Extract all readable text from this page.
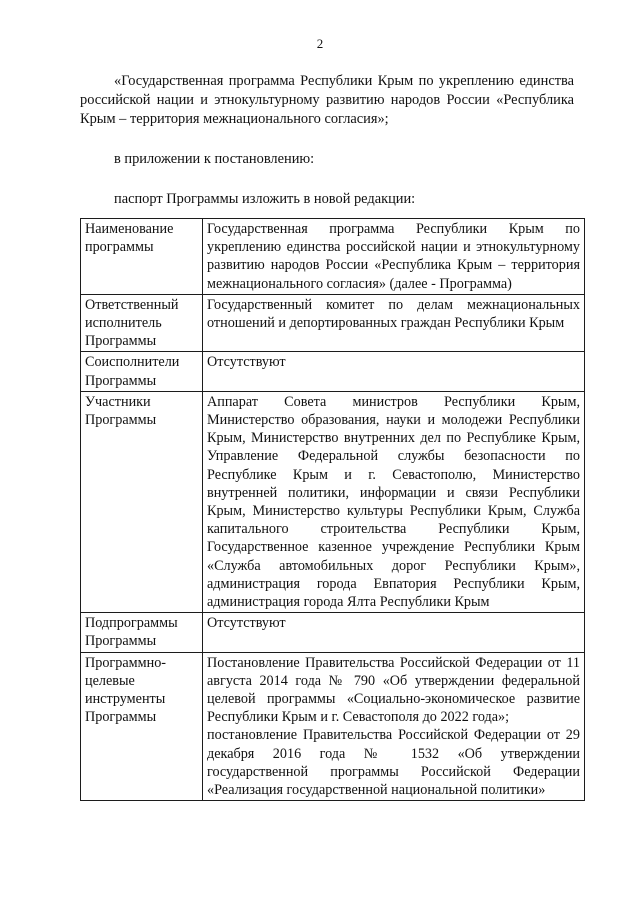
2

«Государственная программа Республики Крым по укреплению единства российской нации и этнокультурному развитию народов России «Республика Крым – территория межнационального согласия»;

в приложении к постановлению:

паспорт Программы изложить в новой редакции:

Наименование программы	Государственная программа Республики Крым по укреплению единства российской нации и этнокультурному развитию народов России «Республика Крым – территория межнационального согласия» (далее - Программа)
Ответственный исполнитель Программы	Государственный комитет по делам межнациональных отношений и депортированных граждан Республики Крым
Соисполнители Программы	Отсутствуют
Участники Программы	Аппарат Совета министров Республики Крым, Министерство образования, науки и молодежи Республики Крым, Министерство внутренних дел по Республике Крым, Управление Федеральной службы безопасности по Республике Крым и г. Севастополю, Министерство внутренней политики, информации и связи Республики Крым, Министерство культуры Республики Крым, Служба капитального строительства Республики Крым, Государственное казенное учреждение Республики Крым «Служба автомобильных дорог Республики Крым», администрация города Евпатория Республики Крым, администрация города Ялта Республики Крым
Подпрограммы Программы	Отсутствуют
Программно-целевые инструменты Программы	Постановление Правительства Российской Федерации от 11 августа 2014 года № 790 «Об утверждении федеральной целевой программы «Социально-экономическое развитие Республики Крым и г. Севастополя до 2022 года»;

постановление Правительства Российской Федерации от 29 декабря 2016 года № 1532 «Об утверждении государственной программы Российской Федерации «Реализация государственной национальной политики»
